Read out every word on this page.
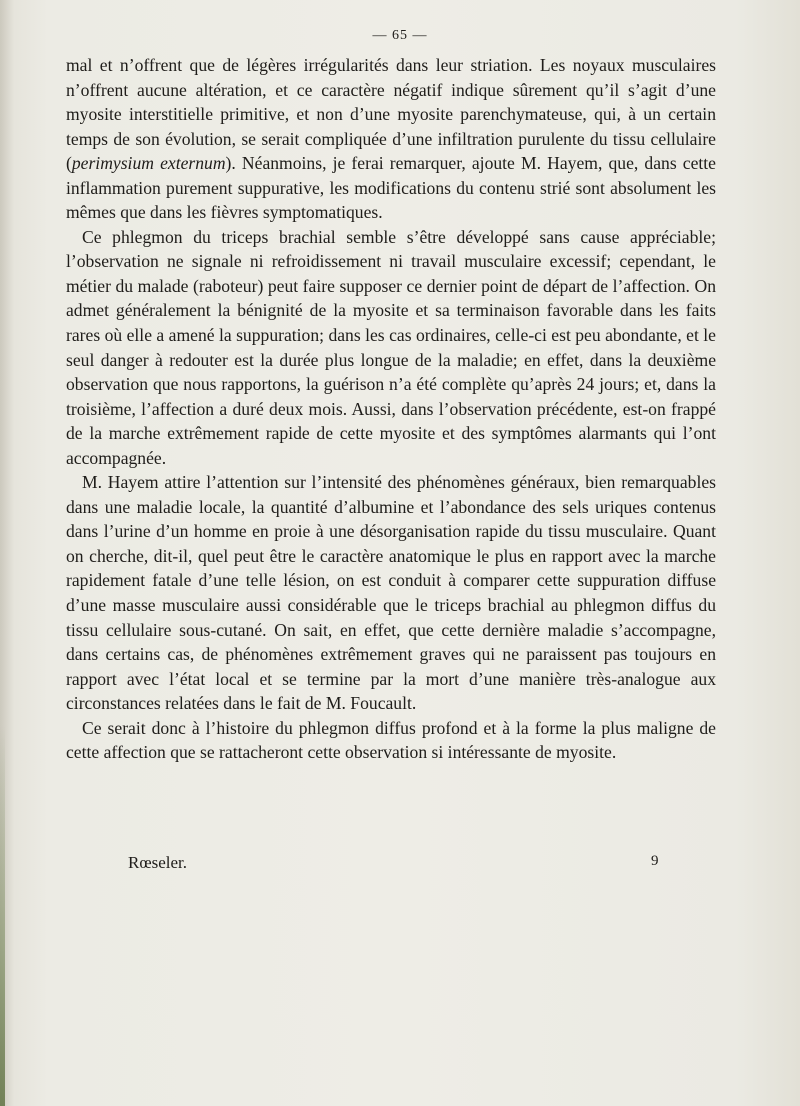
— 65 —

mal et n’offrent que de légères irrégularités dans leur striation. Les noyaux musculaires n’offrent aucune altération, et ce caractère négatif indique sûrement qu’il s’agit d’une myosite interstitielle primitive, et non d’une myosite parenchymateuse, qui, à un certain temps de son évolution, se serait compliquée d’une infiltration purulente du tissu cellulaire (perimysium externum). Néanmoins, je ferai remarquer, ajoute M. Hayem, que, dans cette inflammation purement suppurative, les modifications du contenu strié sont absolument les mêmes que dans les fièvres symptomatiques.

Ce phlegmon du triceps brachial semble s’être développé sans cause appréciable; l’observation ne signale ni refroidissement ni travail musculaire excessif; cependant, le métier du malade (raboteur) peut faire supposer ce dernier point de départ de l’affection. On admet généralement la bénignité de la myosite et sa terminaison favorable dans les faits rares où elle a amené la suppuration; dans les cas ordinaires, celle-ci est peu abondante, et le seul danger à redouter est la durée plus longue de la maladie; en effet, dans la deuxième observation que nous rapportons, la guérison n’a été complète qu’après 24 jours; et, dans la troisième, l’affection a duré deux mois. Aussi, dans l’observation précédente, est-on frappé de la marche extrêmement rapide de cette myosite et des symptômes alarmants qui l’ont accompagnée.

M. Hayem attire l’attention sur l’intensité des phénomènes généraux, bien remarquables dans une maladie locale, la quantité d’albumine et l’abondance des sels uriques contenus dans l’urine d’un homme en proie à une désorganisation rapide du tissu musculaire. Quant on cherche, dit-il, quel peut être le caractère anatomique le plus en rapport avec la marche rapidement fatale d’une telle lésion, on est conduit à comparer cette suppuration diffuse d’une masse musculaire aussi considérable que le triceps brachial au phlegmon diffus du tissu cellulaire sous-cutané. On sait, en effet, que cette dernière maladie s’accompagne, dans certains cas, de phénomènes extrêmement graves qui ne paraissent pas toujours en rapport avec l’état local et se termine par la mort d’une manière très-analogue aux circonstances relatées dans le fait de M. Foucault.

Ce serait donc à l’histoire du phlegmon diffus profond et à la forme la plus maligne de cette affection que se rattacheront cette observation si intéressante de myosite.

Rœseler.	9
